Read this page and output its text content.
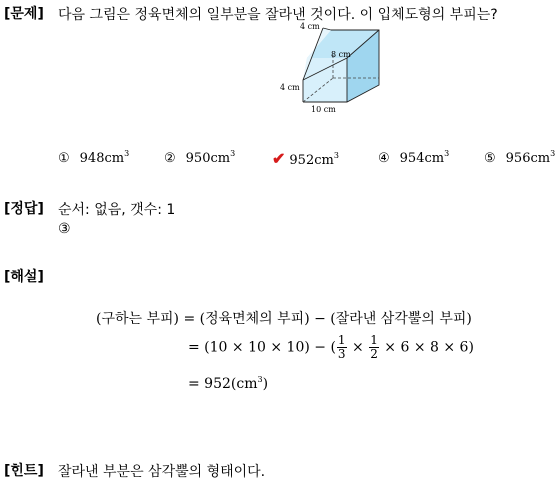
[문제] 다음 그림은 정육면체의 일부분을 잘라낸 것이다. 이 입체도형의 부피는?
4 cm
8 cm
4 cm
10 cm
① $948cm^3$	② $950cm^3$ ✔ $952cm^3$	④ $954cm^3$	⑤ $956cm^3$
[정답] 순서: 없음, 갯수: 1
③
[해설]
(구하는 부피) = (정육면체의 부피) − (잘라낸 삼각뿔의 부피)
= (10 × 10 × 10) − ( $\frac{1}{3} \times \frac{1}{2} \times 6 \times 8 \times 6$)
= $952(cm^3)$
[힌트] 잘라낸 부분은 삼각뿔의 형태이다.
